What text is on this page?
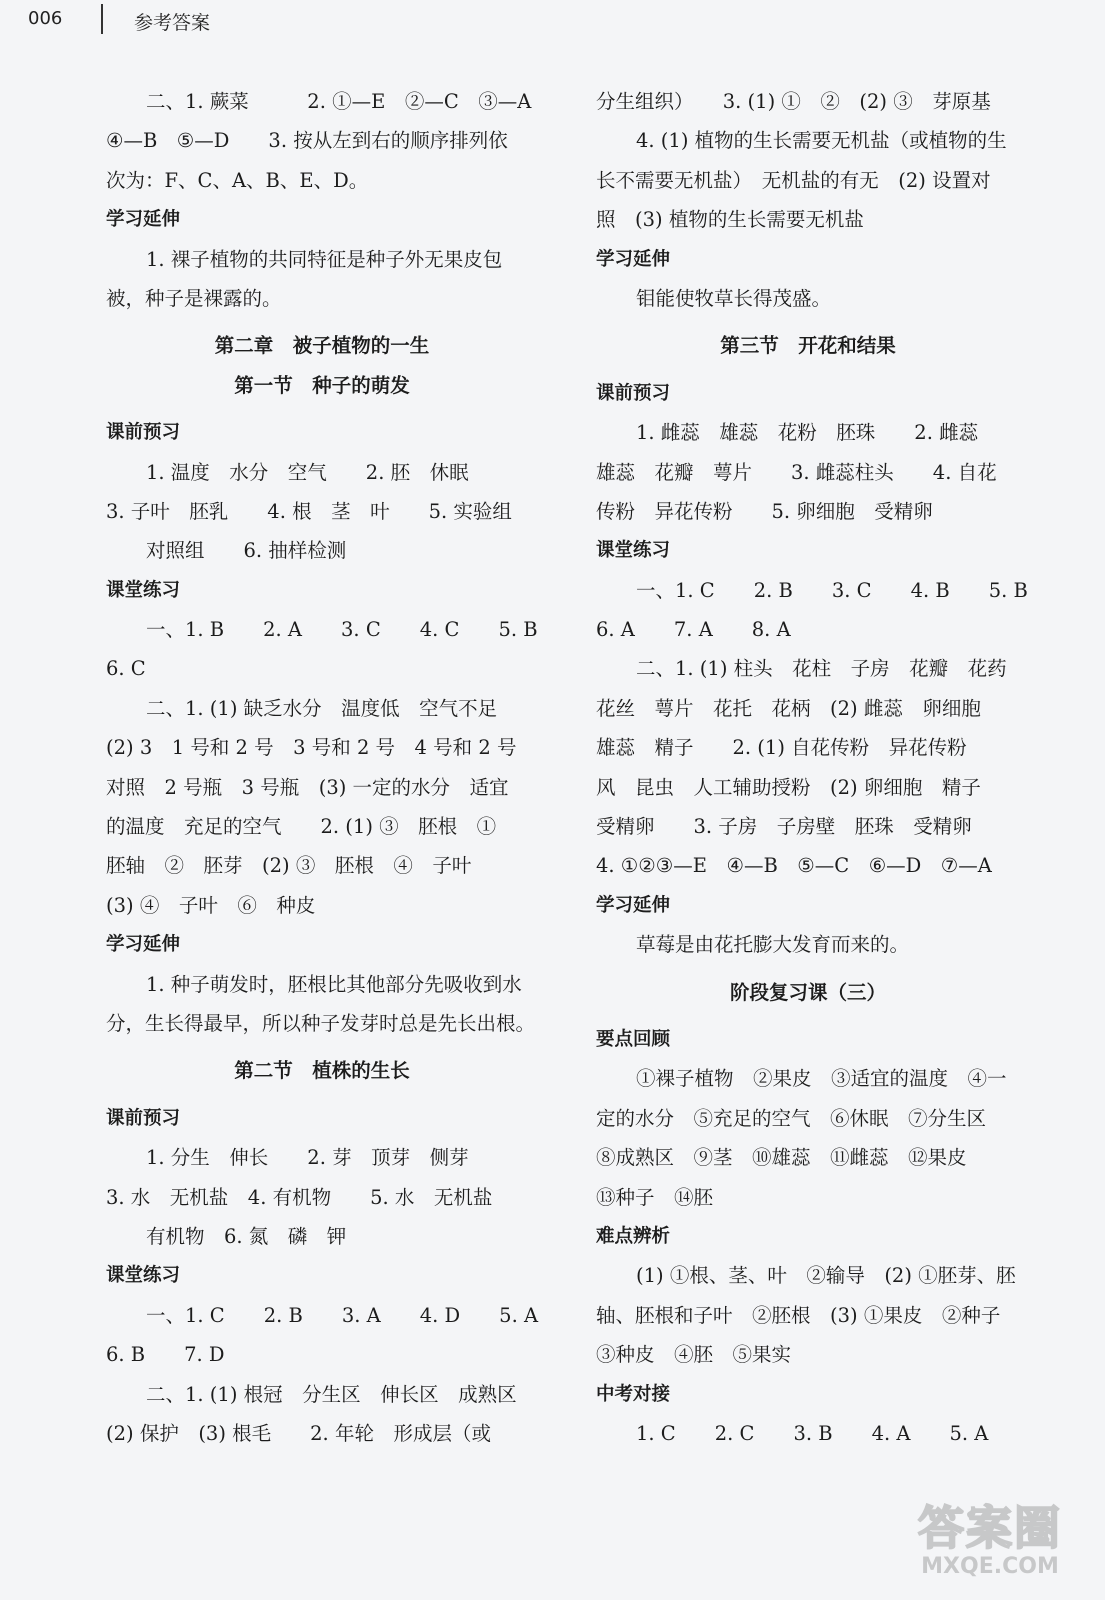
006	参考答案
二、1. 蕨菜　　　2. ①—E　②—C　③—A
④—B　⑤—D　　3. 按从左到右的顺序排列依
次为：F、C、A、B、E、D。
学习延伸
1. 裸子植物的共同特征是种子外无果皮包
被，种子是裸露的。
第二章　被子植物的一生
第一节　种子的萌发
课前预习
1. 温度　水分　空气　　2. 胚　休眠
3. 子叶　胚乳　　4. 根　茎　叶　　5. 实验组
对照组　　6. 抽样检测
课堂练习
一、1. B　　2. A　　3. C　　4. C　　5. B
6. C
二、1. (1) 缺乏水分　温度低　空气不足
(2) 3　1 号和 2 号　3 号和 2 号　4 号和 2 号
对照　2 号瓶　3 号瓶　(3) 一定的水分　适宜
的温度　充足的空气　　2. (1) ③　胚根　①
胚轴　②　胚芽　(2) ③　胚根　④　子叶
(3) ④　子叶　⑥　种皮
学习延伸
1. 种子萌发时，胚根比其他部分先吸收到水
分，生长得最早，所以种子发芽时总是先长出根。
第二节　植株的生长
课前预习
1. 分生　伸长　　2. 芽　顶芽　侧芽
3. 水　无机盐　4. 有机物　　5. 水　无机盐
有机物　6. 氮　磷　钾
课堂练习
一、1. C　　2. B　　3. A　　4. D　　5. A
6. B　　7. D
二、1. (1) 根冠　分生区　伸长区　成熟区
(2) 保护　(3) 根毛　　2. 年轮　形成层（或
分生组织）　　3. (1) ①　②　(2) ③　芽原基
4. (1) 植物的生长需要无机盐（或植物的生
长不需要无机盐）　无机盐的有无　(2) 设置对
照　(3) 植物的生长需要无机盐
学习延伸
钼能使牧草长得茂盛。
第三节　开花和结果
课前预习
1. 雌蕊　雄蕊　花粉　胚珠　　2. 雌蕊
雄蕊　花瓣　萼片　　3. 雌蕊柱头　　4. 自花
传粉　异花传粉　　5. 卵细胞　受精卵
课堂练习
一、1. C　　2. B　　3. C　　4. B　　5. B
6. A　　7. A　　8. A
二、1. (1) 柱头　花柱　子房　花瓣　花药
花丝　萼片　花托　花柄　(2) 雌蕊　卵细胞
雄蕊　精子　　2. (1) 自花传粉　异花传粉
风　昆虫　人工辅助授粉　(2) 卵细胞　精子
受精卵　　3. 子房　子房壁　胚珠　受精卵
4. ①②③—E　④—B　⑤—C　⑥—D　⑦—A
学习延伸
草莓是由花托膨大发育而来的。
阶段复习课（三）
要点回顾
①裸子植物　②果皮　③适宜的温度　④一
定的水分　⑤充足的空气　⑥休眠　⑦分生区
⑧成熟区　⑨茎　⑩雄蕊　⑪雌蕊　⑫果皮
⑬种子　⑭胚
难点辨析
(1) ①根、茎、叶　②输导　(2) ①胚芽、胚
轴、胚根和子叶　②胚根　(3) ①果皮　②种子
③种皮　④胚　⑤果实
中考对接
1. C　　2. C　　3. B　　4. A　　5. A
答案圈
MXQE.COM
